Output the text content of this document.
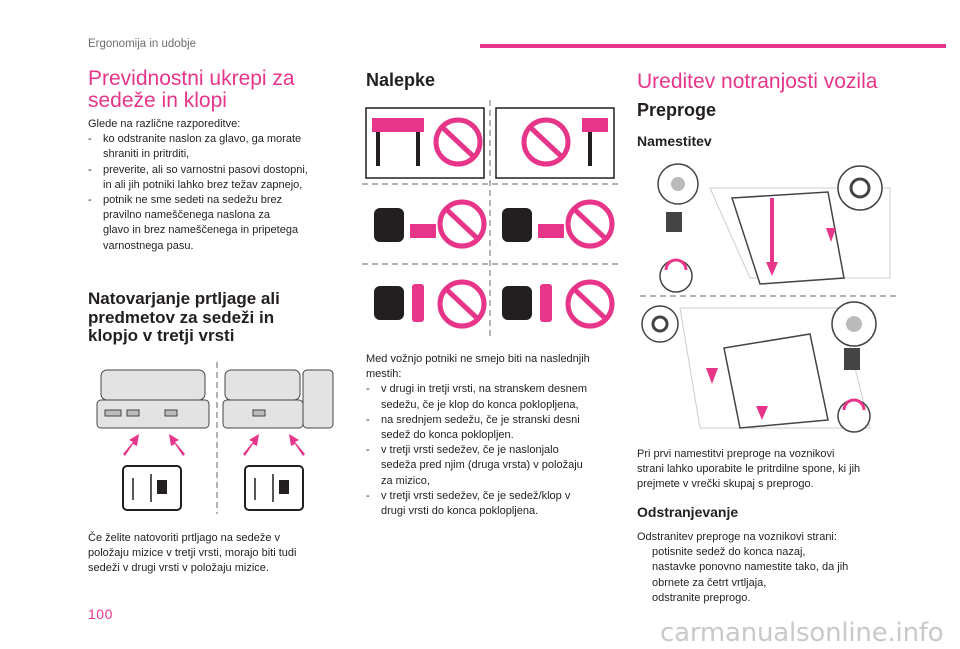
Ergonomija in udobje
Previdnostni ukrepi za
sedeže in klopi

Glede na različne razporeditve:

- ko odstranite naslon za glavo, ga morate
shraniti in pritrditi,
- preverite, ali so varnostni pasovi dostopni,
in ali jih potniki lahko brez težav zapnejo,
- potnik ne sme sedeti na sedežu brez
pravilno nameščenega naslona za
glavo in brez nameščenega in pripetega
varnostnega pasu.
Natovarjanje prtljage ali
predmetov za sedeži in
klopjo v tretji vrsti
Če želite natovoriti prtljago na sedeže v
položaju mizice v tretji vrsti, morajo biti tudi
sedeži v drugi vrsti v položaju mizice.
Nalepke
Med vožnjo potniki ne smejo biti na naslednjih
mestih:
- v drugi in tretji vrsti, na stranskem desnem
sedežu, če je klop do konca poklopljena,
- na srednjem sedežu, če je stranski desni
sedež do konca poklopljen.
- v tretji vrsti sedežev, če je naslonjalo
sedeža pred njim (druga vrsta) v položaju
za mizico,
- v tretji vrsti sedežev, če je sedež/klop v
drugi vrsti do konca poklopljena.
Ureditev notranjosti vozila
Preproge
Namestitev
Pri prvi namestitvi preproge na voznikovi
strani lahko uporabite le pritrdilne spone, ki jih
prejmete v vrečki skupaj s preprogo.
Odstranjevanje
Odstranitev preproge na voznikovi strani:
potisnite sedež do konca nazaj,
nastavke ponovno namestite tako, da jih
obrnete za četrt vrtljaja,
odstranite preprogo.
100
carmanualsonline.info
